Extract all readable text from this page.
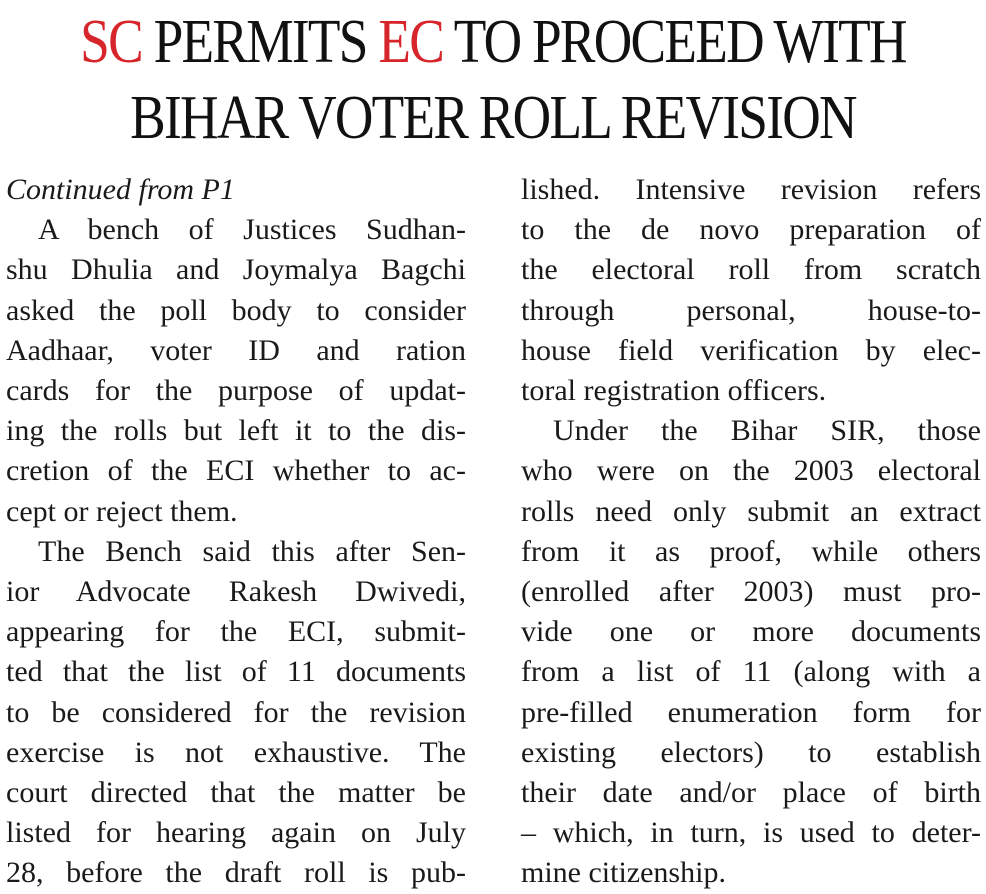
SC PERMITS EC TO PROCEED WITH
BIHAR VOTER ROLL REVISION
Continued from P1

A bench of Justices Sudhan-
shu Dhulia and Joymalya Bagchi
asked the poll body to consider
Aadhaar, voter ID and ration
cards for the purpose of updat-
ing the rolls but left it to the dis-
cretion of the ECI whether to ac-
cept or reject them.

The Bench said this after Sen-
ior Advocate Rakesh Dwivedi,
appearing for the ECI, submit-
ted that the list of 11 documents
to be considered for the revision
exercise is not exhaustive. The
court directed that the matter be
listed for hearing again on July
28, before the draft roll is pub-

lished. Intensive revision refers
to the de novo preparation of
the electoral roll from scratch
through personal, house-to-
house field verification by elec-
toral registration officers.

Under the Bihar SIR, those
who were on the 2003 electoral
rolls need only submit an extract
from it as proof, while others
(enrolled after 2003) must pro-
vide one or more documents
from a list of 11 (along with a
pre-filled enumeration form for
existing electors) to establish
their date and/or place of birth
– which, in turn, is used to deter-
mine citizenship.
